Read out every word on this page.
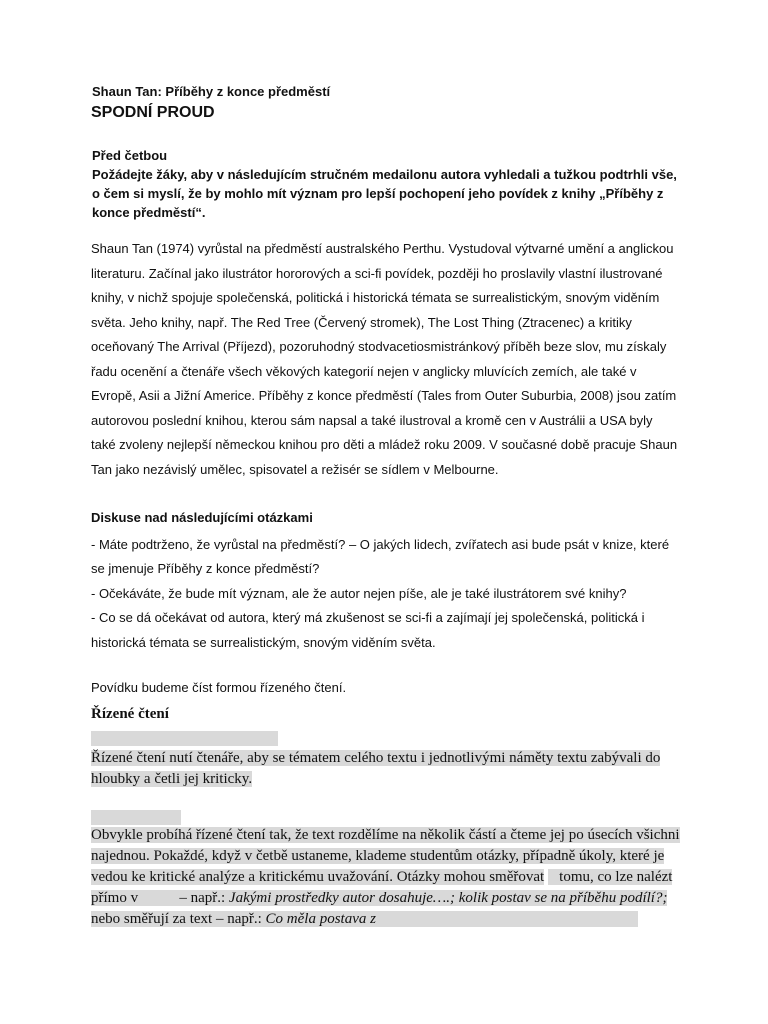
Shaun Tan: Příběhy z konce předměstí
SPODNÍ PROUD
Před četbou
Požádejte žáky, aby v následujícím stručném medailonu autora vyhledali a tužkou podtrhli vše, o čem si myslí, že by mohlo mít význam pro lepší pochopení jeho povídek z knihy „Příběhy z konce předměstí“.
Shaun Tan (1974) vyrůstal na předměstí australského Perthu. Vystudoval výtvarné umění a anglickou literaturu. Začínal jako ilustrátor hororových a sci-fi povídek, později ho proslavily vlastní ilustrované knihy, v nichž spojuje společenská, politická i historická témata se surrealistickým, snovým viděním světa. Jeho knihy, např. The Red Tree (Červený stromek), The Lost Thing (Ztracenec) a kritiky oceňovaný The Arrival (Příjezd), pozoruhodný stodvacetiosmistránkový příběh beze slov, mu získaly řadu ocenění a čtenáře všech věkových kategorií nejen v anglicky mluvících zemích, ale také v Evropě, Asii a Jižní Americe. Příběhy z konce předměstí (Tales from Outer Suburbia, 2008) jsou zatím autorovou poslední knihou, kterou sám napsal a také ilustroval a kromě cen v Austrálii a USA byly také zvoleny nejlepší německou knihou pro děti a mládež roku 2009. V současné době pracuje Shaun Tan jako nezávislý umělec, spisovatel a režisér se sídlem v Melbourne.
Diskuse nad následujícími otázkami

- Máte podtrženo, že vyrůstal na předměstí? – O jakých lidech, zvířatech asi bude psát v knize, které se jmenuje Příběhy z konce předměstí?

- Očekáváte, že bude mít význam, ale že autor nejen píše, ale je také ilustrátorem své knihy?

- Co se dá očekávat od autora, který má zkušenost se sci-fi a zajímají jej společenská, politická i historická témata se surrealistickým, snovým viděním světa.

Povídku budeme číst formou řízeného čtení.
Řízené čtení
Řízené čtení nutí čtenáře, aby se tématem celého textu i jednotlivými náměty textu zabývali do hloubky a četli jej kriticky.
Obvykle probíhá řízené čtení tak, že text rozdělíme na několik částí a čteme jej po úsecích všichni najednou. Pokaždé, když v četbě ustaneme, klademe studentům otázky, případně úkoly, které je vedou ke kritické analýze a kritickému uvažování. Otázky mohou směřovat tomu, co lze nalézt přímo v	– např.: Jakými prostředky autor dosahuje….; kolik postav se na příběhu podílí?; nebo směřují za text – např.: Co měla postava z
